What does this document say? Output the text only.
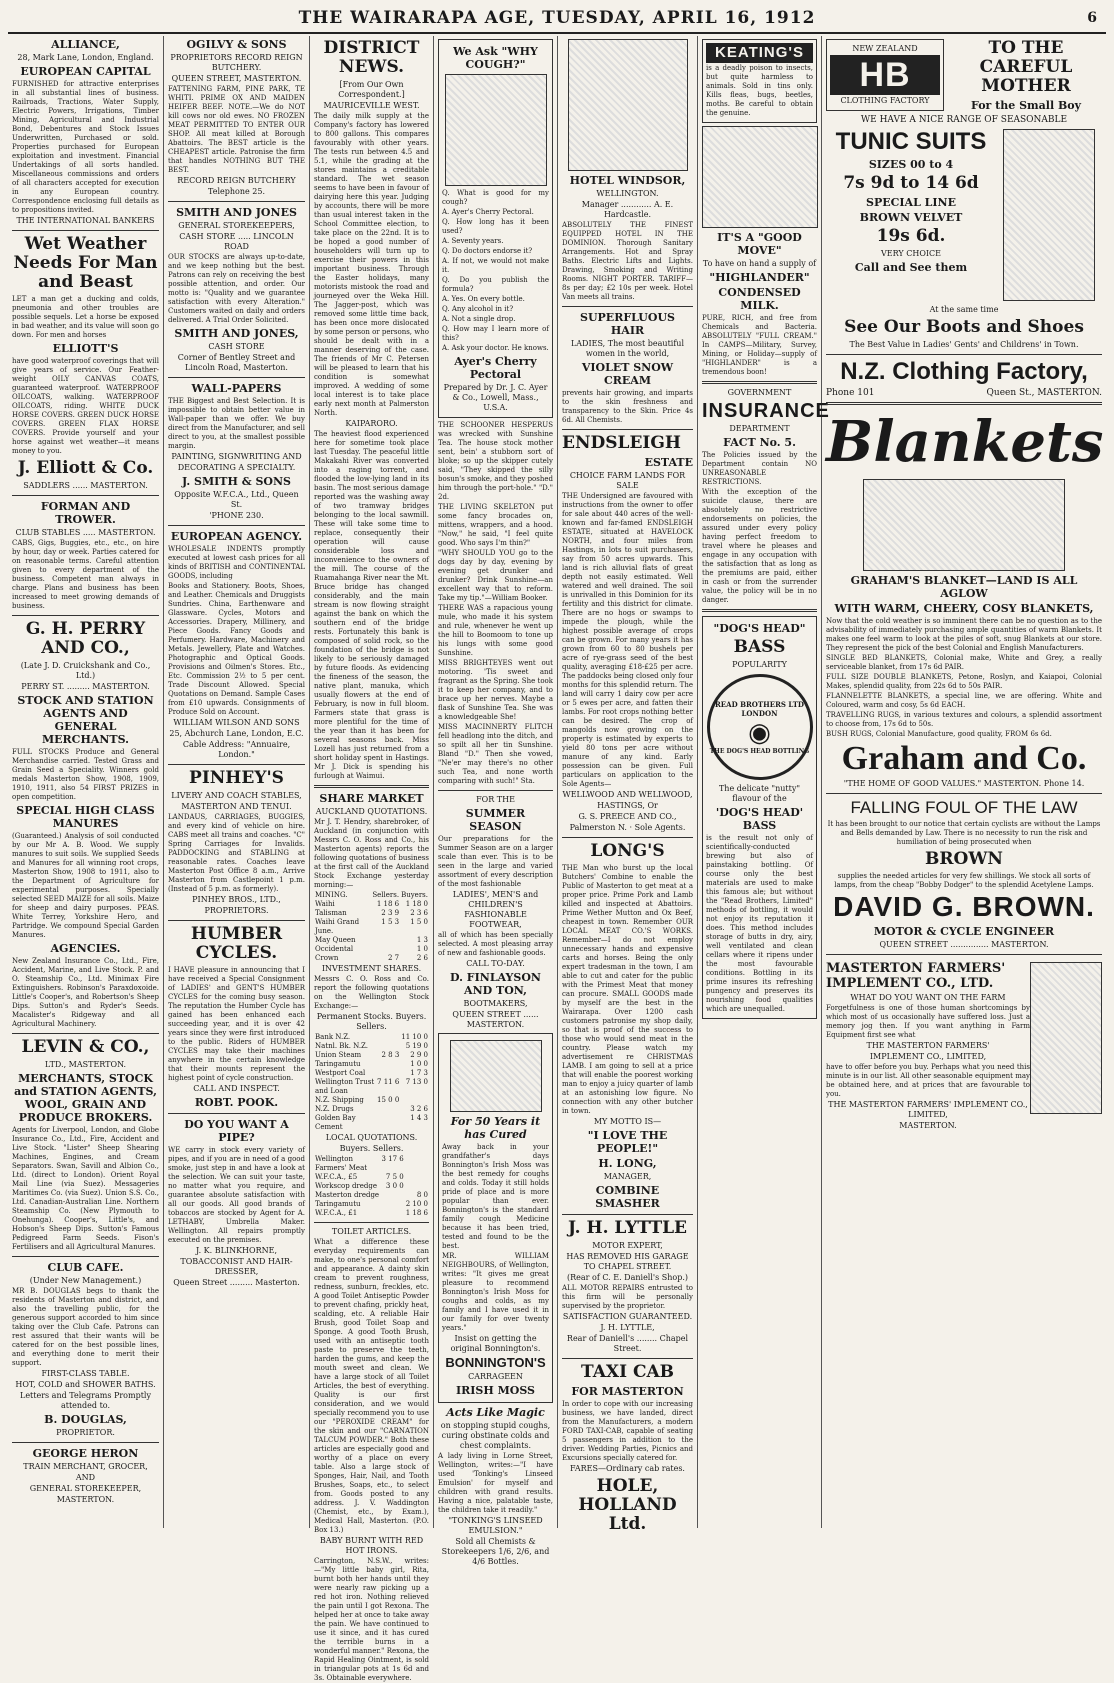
THE WAIRARAPA AGE, TUESDAY, APRIL 16, 1912	6
ALLIANCE,
28, Mark Lane, London, England.
EUROPEAN CAPITAL
FURNISHED for attractive enterprises in all substantial lines of business. Railroads, Tractions, Water Supply, Electric Powers, Irrigations, Timber Mining, Agricultural and Industrial Bond, Debentures and Stock Issues Underwritten, Purchased or sold. Properties purchased for European exploitation and investment. Financial Undertakings of all sorts handled. Miscellaneous commissions and orders of all characters accepted for execution in any European country. Correspondence enclosing full details as to propositions invited.
THE INTERNATIONAL BANKERS
Wet Weather Needs For Man and Beast
LET a man get a ducking and colds, pneumonia and other troubles are possible sequels. Let a horse be exposed in bad weather, and its value will soon go down. For men and horses
ELLIOTT'S
have good waterproof coverings that will give years of service. Our Feather-weight OILY CANVAS COATS, guaranteed waterproof. WATERPROOF OILCOATS, walking. WATERPROOF OILCOATS, riding. WHITE DUCK HORSE COVERS. GREEN DUCK HORSE COVERS. GREEN FLAX HORSE COVERS. Provide yourself and your horse against wet weather—it means money to you.
J. Elliott & Co.
SADDLERS ...... MASTERTON.
FORMAN AND TROWER.
CLUB STABLES ..... MASTERTON.
CABS, Gigs, Buggies, etc., etc., on hire by hour, day or week. Parties catered for on reasonable terms. Careful attention given to every department of the business. Competent man always in charge. Plans and business has been increased to meet growing demands of business.
G. H. PERRY AND CO.,
(Late J. D. Cruickshank and Co., Ltd.)
PERRY ST. ......... MASTERTON.
STOCK AND STATION AGENTS AND GENERAL MERCHANTS.
FULL STOCKS Produce and General Merchandise carried. Tested Grass and Grain Seed a Speciality. Winners gold medals Masterton Show, 1908, 1909, 1910, 1911, also 54 FIRST PRIZES in open competition.
SPECIAL HIGH CLASS MANURES
(Guaranteed.) Analysis of soil conducted by our Mr A. B. Wood. We supply manures to suit soils. We supplied Seeds and Manures for all winning root crops, Masterton Show, 1908 to 1911, also to the Department of Agriculture for experimental purposes. Specially selected SEED MAIZE for all soils. Maize for sheep and dairy purposes. PEAS. White Terrey, Yorkshire Hero, and Partridge. We compound Special Garden Manures.
AGENCIES.
New Zealand Insurance Co., Ltd., Fire, Accident, Marine, and Live Stock. P. and O. Steamship Co., Ltd. Minimax Fire Extinguishers. Robinson's Paraxdoxoide. Little's Cooper's, and Robertson's Sheep Dips. Sutton's and Ryder's Seeds. Macalister's Ridgeway and all Agricultural Machinery.
LEVIN & CO.,
LTD., MASTERTON.
MERCHANTS, STOCK and STATION AGENTS, WOOL, GRAIN AND PRODUCE BROKERS.
Agents for Liverpool, London, and Globe Insurance Co., Ltd., Fire, Accident and Live Stock. "Lister" Sheep Shearing Machines, Engines, and Cream Separators. Swan, Savill and Albion Co., Ltd. (direct to London). Orient Royal Mail Line (via Suez). Messageries Maritimes Co. (via Suez). Union S.S. Co., Ltd. Canadian-Australian Line. Northern Steamship Co. (New Plymouth to Onehunga). Cooper's, Little's, and Hobson's Sheep Dips. Sutton's Famous Pedigreed Farm Seeds. Fison's Fertilisers and all Agricultural Manures.
CLUB CAFE.
(Under New Management.)
MR B. DOUGLAS begs to thank the residents of Masterton and district, and also the travelling public, for the generous support accorded to him since taking over the Club Cafe. Patrons can rest assured that their wants will be catered for on the best possible lines, and everything done to merit their support.
FIRST-CLASS TABLE.
HOT, COLD and SHOWER BATHS.
Letters and Telegrams Promptly attended to.
B. DOUGLAS,
PROPRIETOR.
GEORGE HERON
TRAIN MERCHANT, GROCER,
AND
GENERAL STOREKEEPER,
MASTERTON.
OGILVY & SONS
PROPRIETORS RECORD REIGN BUTCHERY.
QUEEN STREET, MASTERTON.
FATTENING FARM, PINE PARK, TE WHITI. PRIME OX AND MAIDEN HEIFER BEEF. NOTE.—We do NOT kill cows nor old ewes. NO FROZEN MEAT PERMITTED TO ENTER OUR SHOP. All meat killed at Borough Abattoirs. The BEST article is the CHEAPEST article. Patronise the firm that handles NOTHING BUT THE BEST.
RECORD REIGN BUTCHERY
Telephone 25.
SMITH AND JONES
GENERAL STOREKEEPERS,
CASH STORE ..... LINCOLN ROAD
OUR STOCKS are always up-to-date, and we keep nothing but the best. Patrons can rely on receiving the best possible attention, and order. Our motto is: "Quality and we guarantee satisfaction with every Alteration." Customers waited on daily and orders delivered. A Trial Order Solicited.
SMITH AND JONES,
CASH STORE
Corner of Bentley Street and Lincoln Road, Masterton.
WALL-PAPERS
THE Biggest and Best Selection. It is impossible to obtain better value in Wall-paper than we offer. We buy direct from the Manufacturer, and sell direct to you, at the smallest possible margin.
PAINTING, SIGNWRITING AND
DECORATING A SPECIALTY.
J. SMITH & SONS
Opposite W.F.C.A., Ltd., Queen St.
'PHONE 230.
EUROPEAN AGENCY.
WHOLESALE INDENTS promptly executed at lowest cash prices for all kinds of BRITISH and CONTINENTAL GOODS, including
Books and Stationery. Boots, Shoes, and Leather. Chemicals and Druggists Sundries. China, Earthenware and Glassware. Cycles, Motors and Accessories. Drapery, Millinery, and Piece Goods. Fancy Goods and Perfumery. Hardware, Machinery and Metals. Jewellery, Plate and Watches. Photographic and Optical Goods. Provisions and Oilmen's Stores. Etc., Etc. Commission 2½ to 5 per cent. Trade Discount Allowed. Special Quotations on Demand. Sample Cases from £10 upwards. Consignments of Produce Sold on Account.
WILLIAM WILSON AND SONS
25, Abchurch Lane, London, E.C.
Cable Address: "Annuaire, London."
PINHEY'S
LIVERY AND COACH STABLES,
MASTERTON AND TENUI.
LANDAUS, CARRIAGES, BUGGIES, and every kind of vehicle on hire. CABS meet all trains and coaches. "C" Spring Carriages for Invalids. PADDOCKING and STABLING at reasonable rates. Coaches leave Masterton Post Office 8 a.m., Arrive Masterton from Castlepoint 1 p.m. (Instead of 5 p.m. as formerly).
PINHEY BROS., LTD.,
PROPRIETORS.
HUMBER CYCLES.
I HAVE pleasure in announcing that I have received a Special Consignment of LADIES' and GENT'S HUMBER CYCLES for the coming busy season. The reputation the Humber Cycle has gained has been enhanced each succeeding year, and it is over 42 years since they were first introduced to the public. Riders of HUMBER CYCLES may take their machines anywhere in the certain knowledge that their mounts represent the highest point of cycle construction.
CALL AND INSPECT.
ROBT. POOK.
DO YOU WANT A PIPE?
WE carry in stock every variety of pipes, and if you are in need of a good smoke, just step in and have a look at the selection. We can suit your taste, no matter what you require, and guarantee absolute satisfaction with all our goods. All good brands of tobaccos are stocked by Agent for A. LETHABY, Umbrella Maker. Wellington. All repairs promptly executed on the premises.
J. K. BLINKHORNE,
TOBACCONIST AND HAIR-DRESSER,
Queen Street ......... Masterton.
DISTRICT NEWS.
[From Our Own Correspondent.]
MAURICEVILLE WEST.
The daily milk supply at the Company's factory has lowered to 800 gallons. This compares favourably with other years. The tests run between 4.5 and 5.1, while the grading at the stores maintains a creditable standard. The wet season seems to have been in favour of dairying here this year. Judging by accounts, there will be more than usual interest taken in the School Committee election, to take place on the 22nd. It is to be hoped a good number of householders will turn up to exercise their powers in this important business. Through the Easter holidays, many motorists mistook the road and journeyed over the Weka Hill. The Jagger-post, which was removed some little time back, has been once more dislocated by some person or persons, who should be dealt with in a manner deserving of the case. The friends of Mr C. Petersen will be pleased to learn that his condition is somewhat improved. A wedding of some local interest is to take place early next month at Palmerston North.
KAIPARORO.
The heaviest flood experienced here for sometime took place last Tuesday. The peaceful little Makakahi River was converted into a raging torrent, and flooded the low-lying land in its basin. The most serious damage reported was the washing away of two tramway bridges belonging to the local sawmill. These will take some time to replace, consequently their operation will cause considerable loss and inconvenience to the owners of the mill. The course of the Ruamahanga River near the Mt. Bruce bridge has changed considerably, and the main stream is now flowing straight against the bank on which the southern end of the bridge rests. Fortunately this bank is composed of solid rock, so the foundation of the bridge is not likely to be seriously damaged by future floods. As evidencing the fineness of the season, the native plant, manuka, which usually flowers at the end of February, is now in full bloom. Farmers state that grass is more plentiful for the time of the year than it has been for several seasons back. Miss Lozell has just returned from a short holiday spent in Hastings. Mr J. Dick is spending his furlough at Waimui.
SHARE MARKET
AUCKLAND QUOTATIONS.
Mr J. T. Hendry, sharebroker, of Auckland (in conjunction with Messrs C. O. Ross and Co., his Masterton agents) reports the following quotations of business at the first call of the Auckland Stock Exchange yesterday morning:—
MINING.	Sellers.	Buyers.
Waihi	1 18 6	1 18 0
Talisman	2 3 9	2 3 6
Waihi Grand June.	1 5 3	1 5 0
May Queen		1 3
Occidental		1 0
Crown	2 7	2 6
INVESTMENT SHARES.
Messrs C. O. Ross and Co. report the following quotations on the Wellington Stock Exchange:—
Permanent Stocks. Buyers. Sellers.
Bank N.Z.		11 10 0
Natnl. Bk. N.Z.		5 19 0
Union Steam	2 8 3	2 9 0
Taringamutu		1 0 0
Westport Coal		1 7 3
Wellington Trust and Loan	7 11 6	7 13 0
N.Z. Shipping	15 0 0	
N.Z. Drugs		3 2 6
Golden Bay Cement		1 4 3
LOCAL QUOTATIONS.
Buyers. Sellers.
Wellington Farmers' Meat	3 17 6	
W.F.C.A., £5	7 5 0	
Workscop dredge	3 0 0	
Masterton dredge		8 0
Taringamutu		2 10 0
W.F.C.A., £1		1 18 6
TOILET ARTICLES.
What a difference these everyday requirements can make, to one's personal comfort and appearance. A dainty skin cream to prevent roughness, redness, sunburn, freckles, etc. A good Toilet Antiseptic Powder to prevent chafing, prickly heat, scalding, etc. A reliable Hair Brush, good Toilet Soap and Sponge. A good Tooth Brush, used with an antiseptic tooth paste to preserve the teeth, harden the gums, and keep the mouth sweet and clean. We have a large stock of all Toilet Articles, the best of everything. Quality is our first consideration, and we would specially recommend you to use our "PEROXIDE CREAM" for the skin and our "CARNATION TALCUM POWDER." Both these articles are especially good and worthy of a place on every table. Also a large stock of Sponges, Hair, Nail, and Tooth Brushes, Soaps, etc., to select from. Goods posted to any address. J. V. Waddington (Chemist, etc., by Exam.), Medical Hall, Masterton. (P.O. Box 13.)
BABY BURNT WITH RED HOT IRONS.
Carrington, N.S.W., writes:—"My little baby girl, Rita, burnt both her hands until they were nearly raw picking up a red hot iron. Nothing relieved the pain until I got Rexona. The helped her at once to take away the pain. We have continued to use it since, and it has cured the terrible burns in a wonderful manner." Rexona, the Rapid Healing Ointment, is sold in triangular pots at 1s 6d and 3s. Obtainable everywhere.
We Ask "WHY COUGH?"
Q. What is good for my cough?
A. Ayer's Cherry Pectoral.
Q. How long has it been used?
A. Seventy years.
Q. Do doctors endorse it?
A. If not, we would not make it.
Q. Do you publish the formula?
A. Yes. On every bottle.
Q. Any alcohol in it?
A. Not a single drop.
Q. How may I learn more of this?
A. Ask your doctor. He knows.
Ayer's Cherry Pectoral
Prepared by Dr. J. C. Ayer & Co., Lowell, Mass., U.S.A.
THE SCHOONER HESPERUS was wrecked with Sunshine Tea. The house stock mother sent, bein' a stubborn sort of bloke; so up the skipper cutely said, "They skipped the silly bosun's smoke, and they poshed him through the port-hole." "D." 2d.
THE LIVING SKELETON put some fancy brocades on, mittens, wrappers, and a hood. "Now," he said, "I feel quite good. Who says I'm thin?"
"WHY SHOULD YOU go to the dogs day by day, evening by evening get drunker and drunker? Drink Sunshine—an excellent way that to reform. Take my tip."—William Booker.
THERE WAS a rapacious young mule, who made it his system and rule, whenever he went up the hill to Boomoom to tone up his lungs with some good Sunshine.
MISS BRIGHTEYES went out motoring. 'Tis sweet and fragrant as the Spring. She took it to keep her company, and to brace up her nerves. Maybe a flask of Sunshine Tea. She was a knowledgeable She!
MISS MACINNERTY FLITCH fell headlong into the ditch, and so spilt all her tin Sunshine. Bland "D." Then she vowed, "Ne'er may there's no other such Tea, and none worth comparing with such!" Sta.
FOR THE
SUMMER SEASON
Our preparations for the Summer Season are on a larger scale than ever. This is to be seen in the large and varied assortment of every description of the most fashionable
LADIES', MEN'S and CHILDREN'S FASHIONABLE FOOTWEAR,
all of which has been specially selected. A most pleasing array of new and fashionable goods.
CALL TO-DAY.
D. FINLAYSON AND TON,
BOOTMAKERS,
QUEEN STREET ...... MASTERTON.
For 50 Years it has Cured
Away back in your grandfather's days Bonnington's Irish Moss was the best remedy for coughs and colds. Today it still holds pride of place and is more popular than ever. Bonnington's is the standard family cough Medicine because it has been tried, tested and found to be the best.
MR. WILLIAM NEIGHBOURS, of Wellington, writes: "It gives me great pleasure to recommend Bonnington's Irish Moss for coughs and colds, as my family and I have used it in our family for over twenty years."
Insist on getting the original Bonnington's.
BONNINGTON'S
CARRAGEEN
IRISH MOSS
Acts Like Magic
on stopping stupid coughs, curing obstinate colds and chest complaints.
A lady living in Lorne Street, Wellington, writes:—"I have used 'Tonking's Linseed Emulsion' for myself and children with grand results. Having a nice, palatable taste, the children take it readily."
"TONKING'S LINSEED EMULSION."
Sold all Chemists & Storekeepers 1/6, 2/6, and 4/6 Bottles.
HOTEL WINDSOR,
WELLINGTON.
Manager ............ A. E. Hardcastle.
ABSOLUTELY THE FINEST EQUIPPED HOTEL IN THE DOMINION. Thorough Sanitary Arrangements. Hot and Spray Baths. Electric Lifts and Lights. Drawing, Smoking and Writing Rooms. NIGHT PORTER. TARIFF—8s per day; £2 10s per week. Hotel Van meets all trains.
SUPERFLUOUS HAIR
LADIES, The most beautiful women in the world,
VIOLET SNOW CREAM
prevents hair growing, and imparts to the skin freshness and transparency to the Skin. Price 4s 6d. All Chemists.
ENDSLEIGH
ESTATE
CHOICE FARM LANDS FOR SALE
THE Undersigned are favoured with instructions from the owner to offer for sale about 440 acres of the well-known and far-famed ENDSLEIGH ESTATE, situated at HAVELOCK NORTH, and four miles from Hastings, in lots to suit purchasers, say from 50 acres upwards. This land is rich alluvial flats of great depth not easily estimated. Well watered and well drained. The soil is unrivalled in this Dominion for its fertility and this district for climate. There are no hogs or swamps to impede the plough, while the highest possible average of crops can be grown. For many years it has grown from 60 to 80 bushels per acre of rye-grass seed of the best quality, averaging £18-£25 per acre. The paddocks being closed only four months for this splendid return. The land will carry 1 dairy cow per acre or 5 ewes per acre, and fatten their lambs. For root crops nothing better can be desired. The crop of mangolds now growing on the property is estimated by experts to yield 80 tons per acre without manure of any kind. Early possession can be given. Full particulars on application to the Sole Agents—
WELLWOOD AND WELLWOOD,
HASTINGS, Or
G. S. PREECE AND CO.,
Palmerston N. · Sole Agents.
LONG'S
THE Man who burst up the local Butchers' Combine to enable the Public of Masterton to get meat at a proper price. Prime Pork and Lamb killed and inspected at Abattoirs. Prime Wether Mutton and Ox Beef, cheapest in town. Remember OUR LOCAL MEAT CO.'S WORKS. Remember—I do not employ unnecessary hands and expensive carts and horses. Being the only expert tradesman in the town, I am able to cut and cater for the public with the Primest Meat that money can procure. SMALL GOODS made by myself are the best in the Wairarapa. Over 1200 cash customers patronise my shop daily, so that is proof of the success to those who would send meat in the country. Please watch my advertisement re CHRISTMAS LAMB. I am going to sell at a price that will enable the poorest working man to enjoy a juicy quarter of lamb at an astonishing low figure. No connection with any other butcher in town.
MY MOTTO IS—
"I LOVE THE PEOPLE!"
H. LONG,
MANAGER,
COMBINE SMASHER
J. H. LYTTLE
MOTOR EXPERT,
HAS REMOVED HIS GARAGE TO CHAPEL STREET.
(Rear of C. E. Daniell's Shop.)
ALL MOTOR REPAIRS entrusted to this firm will be personally supervised by the proprietor.
SATISFACTION GUARANTEED.
J. H. LYTTLE,
Rear of Daniell's ........ Chapel Street.
TAXI CAB
FOR MASTERTON
In order to cope with our increasing business, we have landed, direct from the Manufacturers, a modern FORD TAXI-CAB, capable of seating 5 passengers in addition to the driver. Wedding Parties, Picnics and Excursions specially catered for.
FARES—Ordinary cab rates.
HOLE, HOLLAND Ltd.
KEATING'S
is a deadly poison to insects, but quite harmless to animals. Sold in tins only. Kills fleas, bugs, beetles, moths. Be careful to obtain the genuine.
IT'S A "GOOD MOVE"
To have on hand a supply of
"HIGHLANDER"
CONDENSED MILK.
PURE, RICH, and free from Chemicals and Bacteria. ABSOLUTELY "FULL CREAM." In CAMPS—Military, Survey, Mining, or Holiday—supply of "HIGHLANDER" is a tremendous boon!
GOVERNMENT
INSURANCE
DEPARTMENT
FACT No. 5.
The Policies issued by the Department contain NO UNREASONABLE RESTRICTIONS.
With the exception of the suicide clause, there are absolutely no restrictive endorsements on policies, the assured under every policy having perfect freedom to travel where he pleases and engage in any occupation with the satisfaction that as long as the premiums are paid, either in cash or from the surrender value, the policy will be in no danger.
"DOG'S HEAD"
BASS
POPULARITY
READ BROTHERS LTD LONDON
◉
THE DOG'S HEAD BOTTLING
The delicate "nutty" flavour of the
'DOG'S HEAD' BASS
is the result not only of scientifically-conducted brewing but also of painstaking bottling. Of course only the best materials are used to make this famous ale; but without the "Read Brothers, Limited" methods of bottling, it would not enjoy its reputation it does. This method includes storage of butts in dry, airy, well ventilated and clean cellars where it ripens under the most favourable conditions. Bottling in its prime insures its refreshing pungency and preserves its nourishing food qualities which are unequalled.
NEW ZEALAND
HB
CLOTHING FACTORY
TO THE CAREFUL MOTHER
For the Small Boy
WE HAVE A NICE RANGE OF SEASONABLE
TUNIC SUITS
SIZES 00 to 4
7s 9d to 14 6d
SPECIAL LINE
BROWN VELVET
19s 6d.
VERY CHOICE
Call and See them
At the same time
See Our Boots and Shoes
The Best Value in Ladies' Gents' and Childrens' in Town.
N.Z. Clothing Factory,
Phone 101	Queen St., MASTERTON.
Blankets
GRAHAM'S BLANKET—LAND IS ALL AGLOW
WITH WARM, CHEERY, COSY BLANKETS,
Now that the cold weather is so imminent there can be no question as to the advisability of immediately purchasing ample quantities of warm Blankets. It makes one feel warm to look at the piles of soft, snug Blankets at our store. They represent the pick of the best Colonial and English Manufacturers.
SINGLE BED BLANKETS, Colonial make, White and Grey, a really serviceable blanket, from 17s 6d PAIR.
FULL SIZE DOUBLE BLANKETS, Petone, Roslyn, and Kaiapoi, Colonial Makes, splendid quality, from 22s 6d to 50s PAIR.
FLANNELETTE BLANKETS, a special line, we are offering. White and Coloured, warm and cosy, 5s 6d EACH.
TRAVELLING RUGS, in various textures and colours, a splendid assortment to choose from, 17s 6d to 50s.
BUSH RUGS, Colonial Manufacture, good quality, FROM 6s 6d.
Graham and Co.
"THE HOME OF GOOD VALUES." MASTERTON. Phone 14.
FALLING FOUL OF THE LAW
It has been brought to our notice that certain cyclists are without the Lamps and Bells demanded by Law. There is no necessity to run the risk and humiliation of being prosecuted when
BROWN
supplies the needed articles for very few shillings. We stock all sorts of lamps, from the cheap "Bobby Dodger" to the splendid Acetylene Lamps.
DAVID G. BROWN.
MOTOR & CYCLE ENGINEER
QUEEN STREET ............... MASTERTON.
MASTERTON FARMERS' IMPLEMENT CO., LTD.
WHAT DO YOU WANT ON THE FARM
Forgetfulness is one of those human shortcomings by which most of us occasionally have suffered loss. Just a memory jog then. If you want anything in Farm Equipment first see what
THE MASTERTON FARMERS'
IMPLEMENT CO., LIMITED,
have to offer before you buy. Perhaps what you need this minute is in our list. All other seasonable equipment may be obtained here, and at prices that are favourable to you.
THE MASTERTON FARMERS' IMPLEMENT CO., LIMITED,
MASTERTON.
